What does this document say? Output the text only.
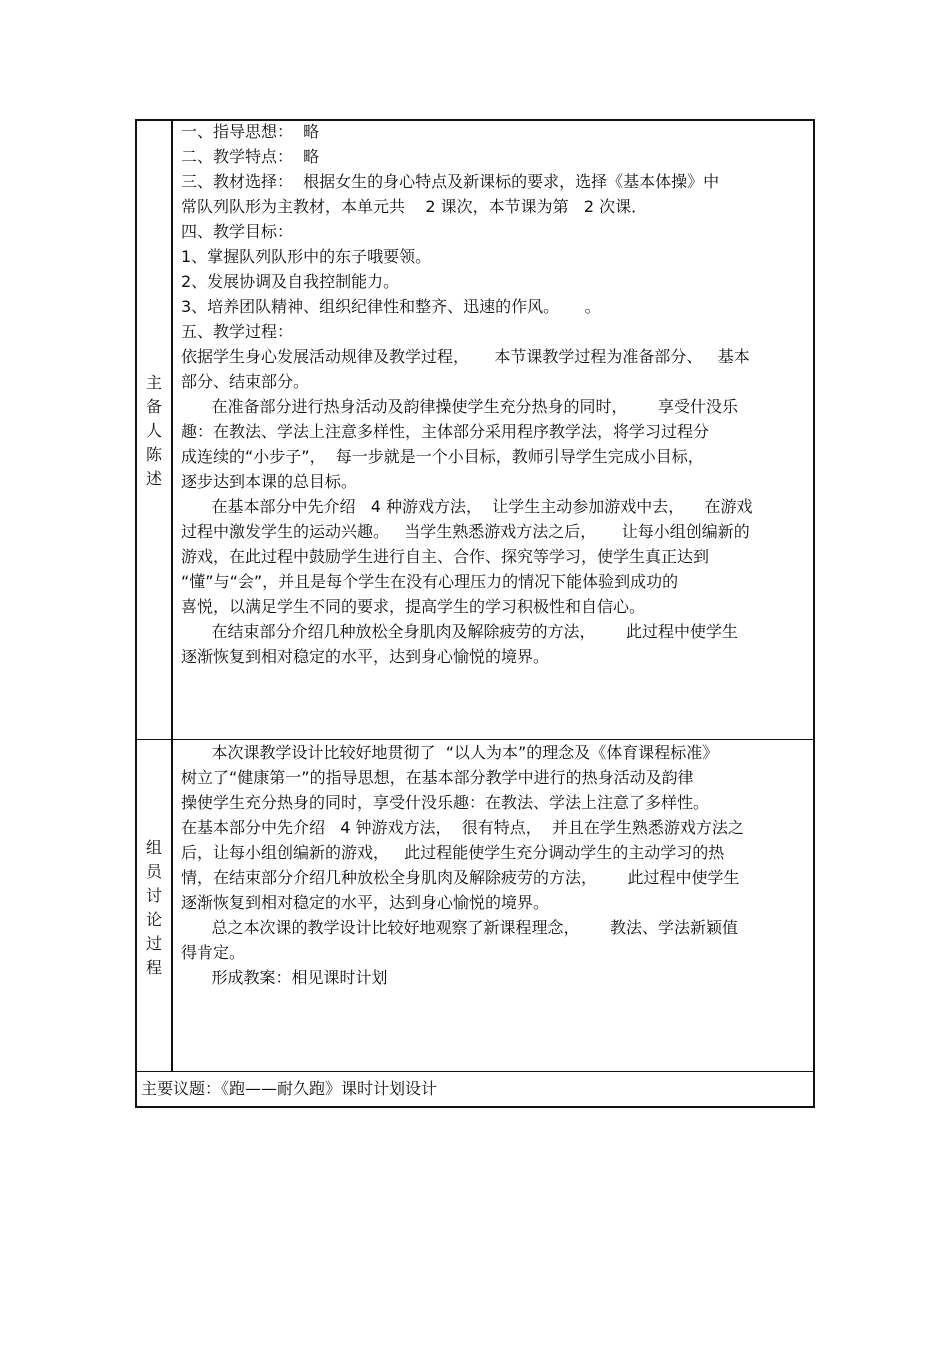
主
备
人
陈
述

一、指导思想：  略

二、教学特点：  略

三、教材选择：  根据女生的身心特点及新课标的要求，选择《基本体操》中

常队列队形为主教材，本单元共    2 课次，本节课为第   2 次课．

四、教学目标：

1、掌握队列队形中的东子哦要领。

2、发展协调及自我控制能力。

3、培养团队精神、组织纪律性和整齐、迅速的作风。     。

五、教学过程：

依据学生身心发展活动规律及教学过程，     本节课教学过程为准备部分、   基本

部分、结束部分。

在准备部分进行热身活动及韵律操使学生充分热身的同时，      享受什没乐

趣：在教法、学法上注意多样性，主体部分采用程序教学法，将学习过程分

成连续的“小步子”，  每一步就是一个小目标，教师引导学生完成小目标，

逐步达到本课的总目标。

在基本部分中先介绍   4 种游戏方法，  让学生主动参加游戏中去，    在游戏

过程中激发学生的运动兴趣。   当学生熟悉游戏方法之后，     让每小组创编新的

游戏，在此过程中鼓励学生进行自主、合作、探究等学习，使学生真正达到

“懂”与“会”，并且是每个学生在没有心理压力的情况下能体验到成功的

喜悦，以满足学生不同的要求，提高学生的学习积极性和自信心。

在结束部分介绍几种放松全身肌肉及解除疲劳的方法，      此过程中使学生

逐渐恢复到相对稳定的水平，达到身心愉悦的境界。

组
员
讨
论
过
程

本次课教学设计比较好地贯彻了  “以人为本”的理念及《体育课程标准》

树立了“健康第一”的指导思想，在基本部分教学中进行的热身活动及韵律

操使学生充分热身的同时，享受什没乐趣：在教法、学法上注意了多样性。

在基本部分中先介绍   4 钟游戏方法，  很有特点，  并且在学生熟悉游戏方法之

后，让每小组创编新的游戏，   此过程能使学生充分调动学生的主动学习的热

情，在结束部分介绍几种放松全身肌肉及解除疲劳的方法，      此过程中使学生

逐渐恢复到相对稳定的水平，达到身心愉悦的境界。

总之本次课的教学设计比较好地观察了新课程理念，      教法、学法新颖值

得肯定。

形成教案：相见课时计划

主要议题：《跑——耐久跑》课时计划设计
